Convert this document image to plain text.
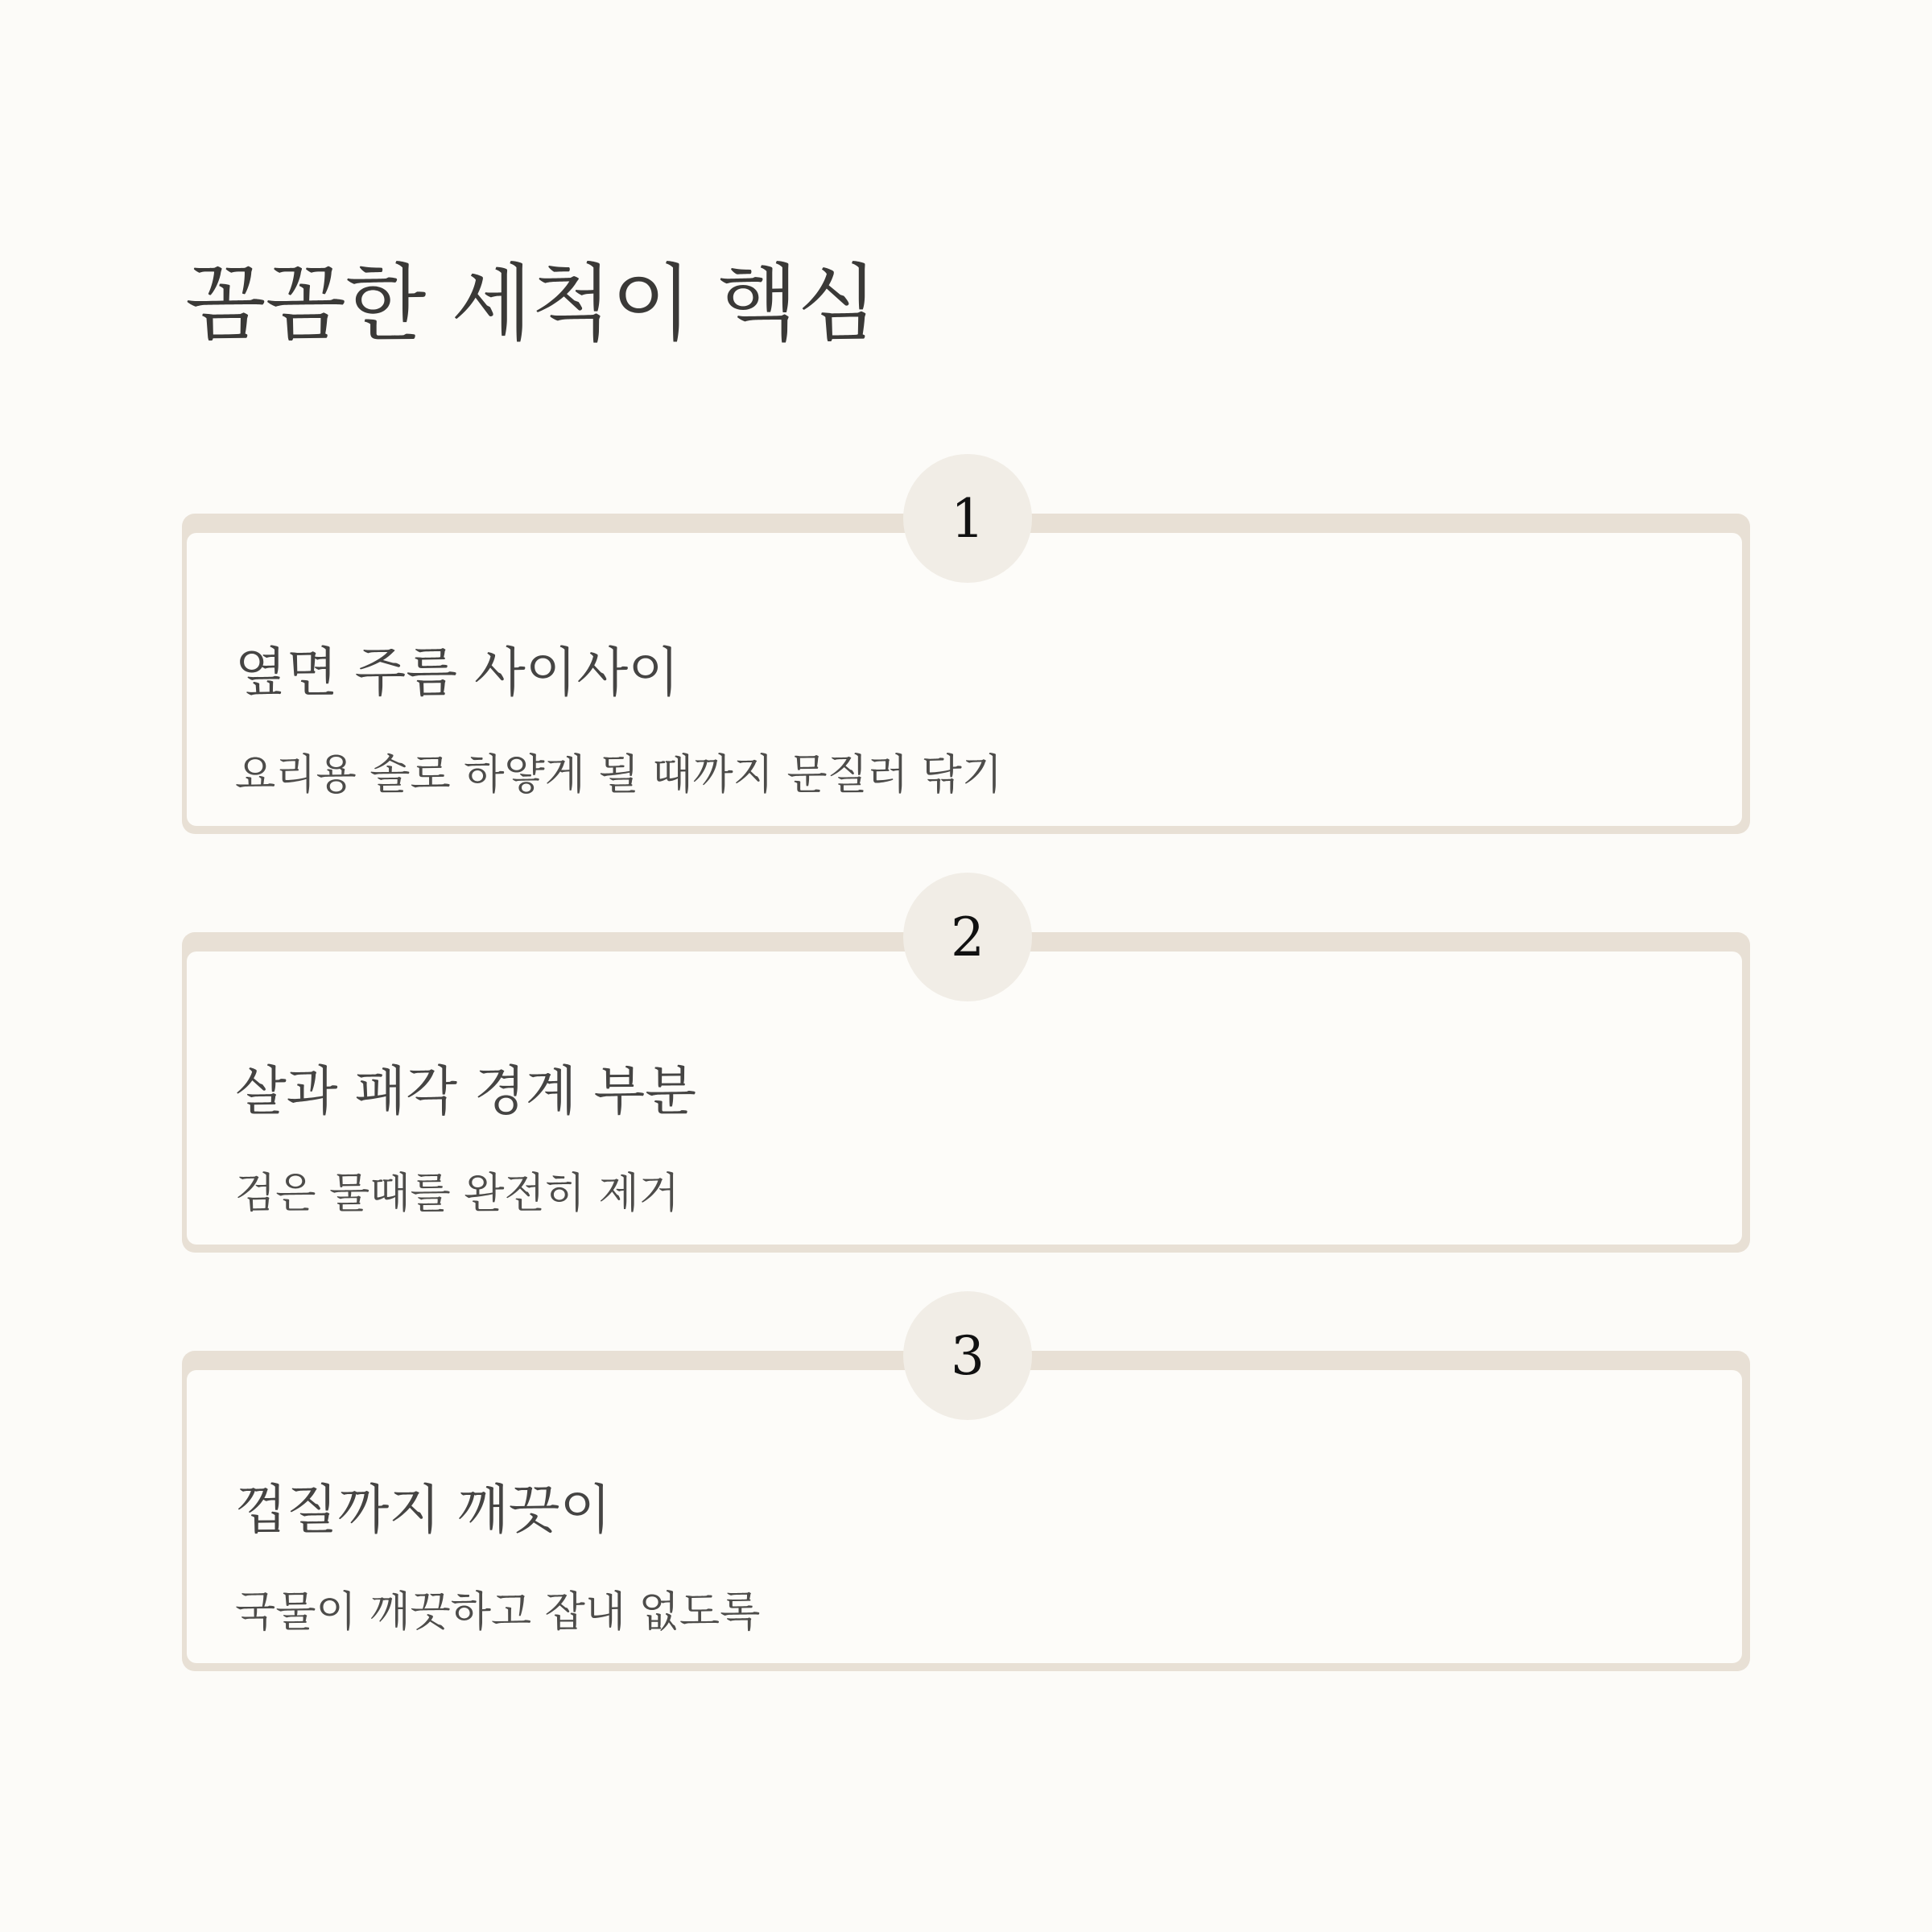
꼼꼼한 세척이 핵심
옆면 주름 사이사이
요리용 솔로 하얗게 될 때까지 문질러 닦기
1
살과 패각 경계 부분
검은 물때를 완전히 제거
2
껍질까지 깨끗이
국물이 깨끗하고 잡내 없도록
3
